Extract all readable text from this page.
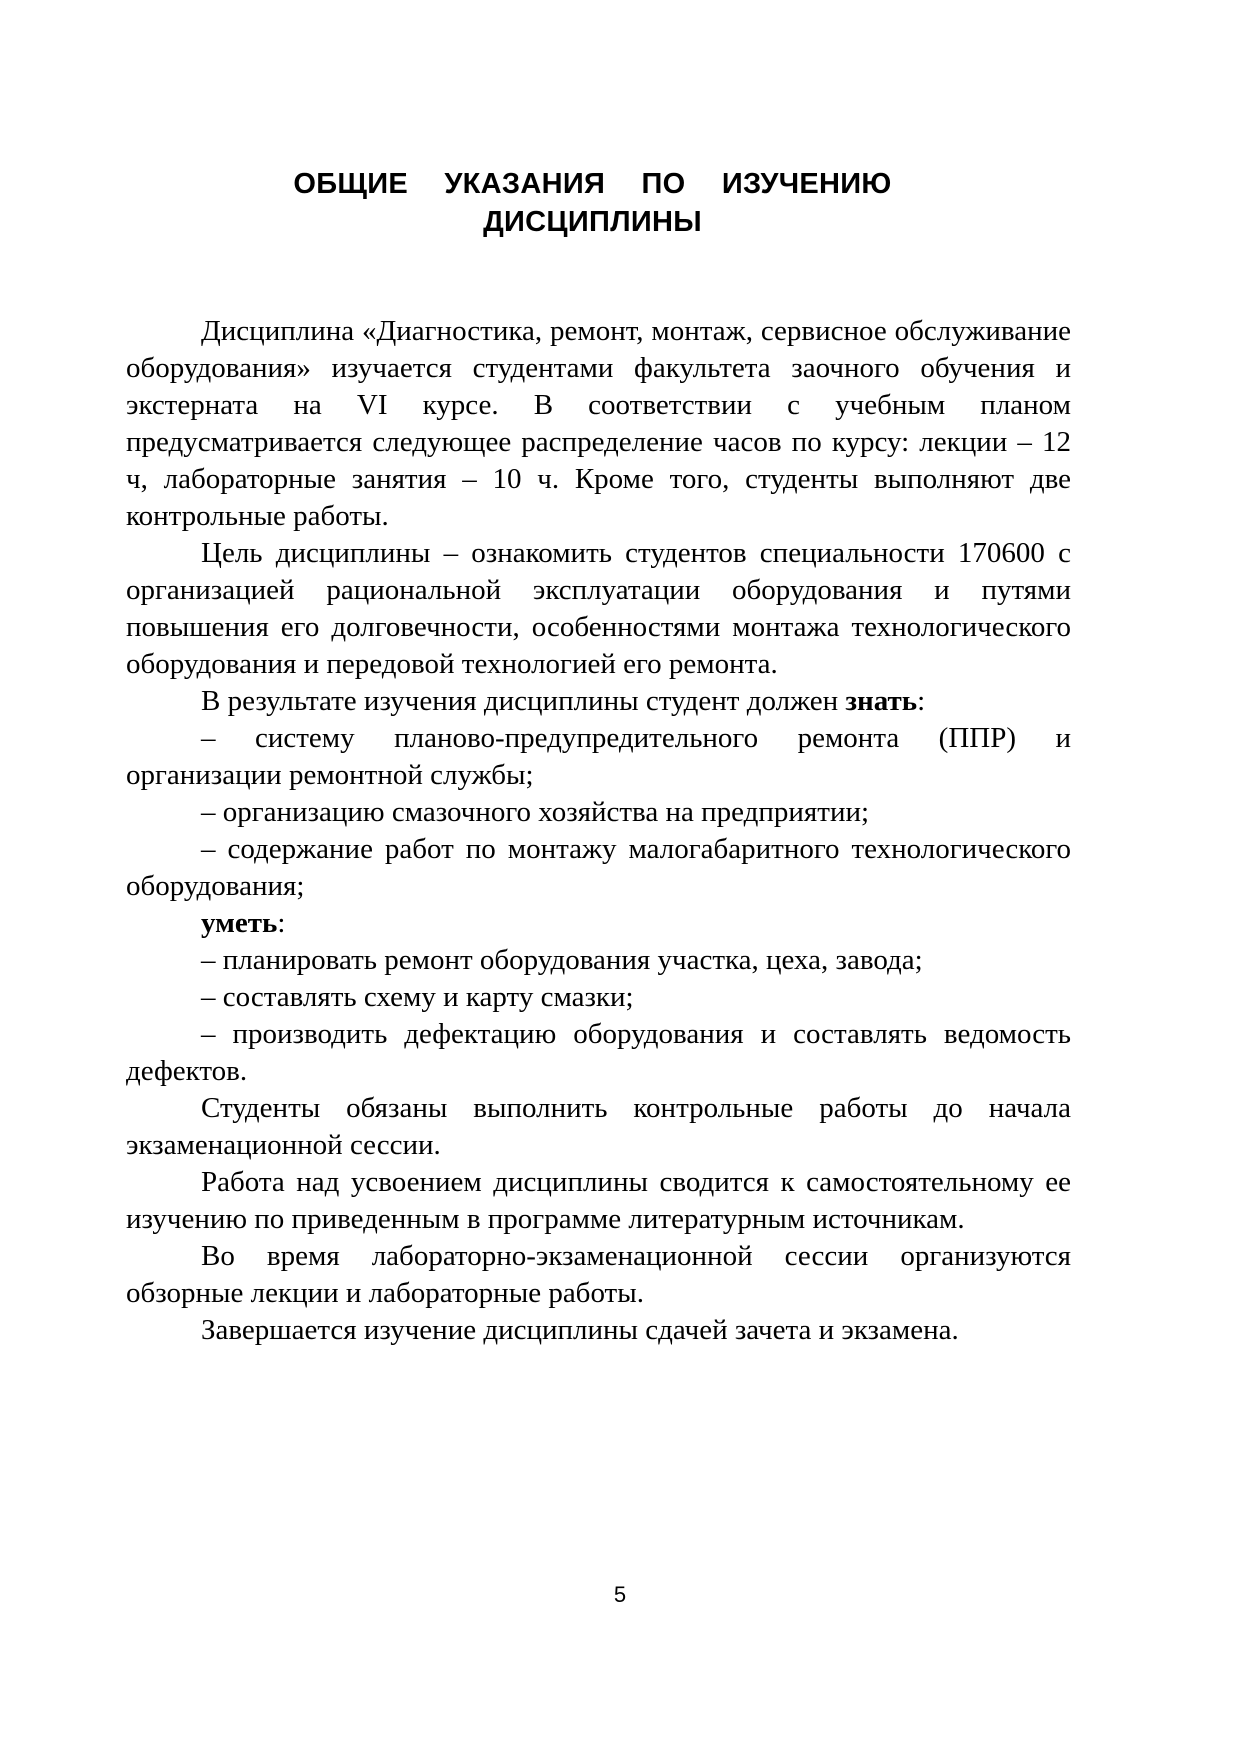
ОБЩИЕ УКАЗАНИЯ ПО ИЗУЧЕНИЮ
ДИСЦИПЛИНЫ

Дисциплина «Диагностика, ремонт, монтаж, сервисное обслуживание оборудования» изучается студентами факультета заочного обучения и экстерната на VI курсе. В соответствии с учебным планом предусматривается следующее распределение часов по курсу: лекции – 12 ч, лабораторные занятия – 10 ч. Кроме того, студенты выполняют две контрольные работы.

Цель дисциплины – ознакомить студентов специальности 170600 с организацией рациональной эксплуатации оборудования и путями повышения его долговечности, особенностями монтажа технологического оборудования и передовой технологией его ремонта.

В результате изучения дисциплины студент должен знать:

– систему планово-предупредительного ремонта (ППР) и организации ремонтной службы;

– организацию смазочного хозяйства на предприятии;

– содержание работ по монтажу малогабаритного технологического оборудования;

уметь:

– планировать ремонт оборудования участка, цеха, завода;

– составлять схему и карту смазки;

– производить дефектацию оборудования и составлять ведомость дефектов.

Студенты обязаны выполнить контрольные работы до начала экзаменационной сессии.

Работа над усвоением дисциплины сводится к самостоятельному ее изучению по приведенным в программе литературным источникам.

Во время лабораторно-экзаменационной сессии организуются обзорные лекции и лабораторные работы.

Завершается изучение дисциплины сдачей зачета и экзамена.

5
